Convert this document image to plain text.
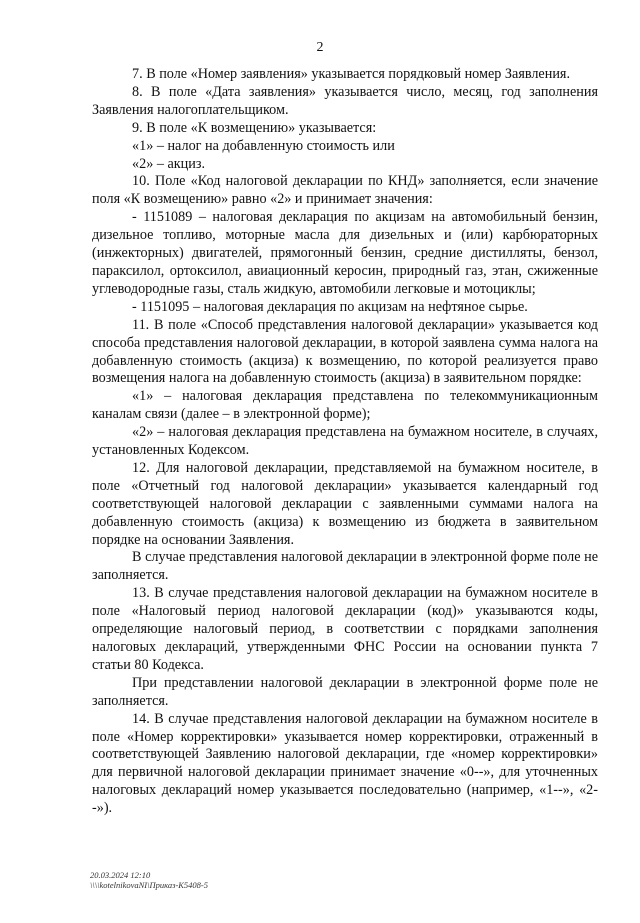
2

7. В поле «Номер заявления» указывается порядковый номер Заявления.

8. В поле «Дата заявления» указывается число, месяц, год заполнения Заявления налогоплательщиком.

9. В поле «К возмещению» указывается:

«1» – налог на добавленную стоимость или

«2» – акциз.

10. Поле «Код налоговой декларации по КНД» заполняется, если значение поля «К возмещению» равно «2» и принимает значения:

- 1151089 – налоговая декларация по акцизам на автомобильный бензин, дизельное топливо, моторные масла для дизельных и (или) карбюраторных (инжекторных) двигателей, прямогонный бензин, средние дистилляты, бензол, параксилол, ортоксилол, авиационный керосин, природный газ, этан, сжиженные углеводородные газы, сталь жидкую, автомобили легковые и мотоциклы;

- 1151095 – налоговая декларация по акцизам на нефтяное сырье.

11. В поле «Способ представления налоговой декларации» указывается код способа представления налоговой декларации, в которой заявлена сумма налога на добавленную стоимость (акциза) к возмещению, по которой реализуется право возмещения налога на добавленную стоимость (акциза) в заявительном порядке:

«1» – налоговая декларация представлена по телекоммуникационным каналам связи (далее – в электронной форме);

«2» – налоговая декларация представлена на бумажном носителе, в случаях, установленных Кодексом.

12. Для налоговой декларации, представляемой на бумажном носителе, в поле «Отчетный год налоговой декларации» указывается календарный год соответствующей налоговой декларации с заявленными суммами налога на добавленную стоимость (акциза) к возмещению из бюджета в заявительном порядке на основании Заявления.

В случае представления налоговой декларации в электронной форме поле не заполняется.

13. В случае представления налоговой декларации на бумажном носителе в поле «Налоговый период налоговой декларации (код)» указываются коды, определяющие налоговый период, в соответствии с порядками заполнения налоговых деклараций, утвержденными ФНС России на основании пункта 7 статьи 80 Кодекса.

При представлении налоговой декларации в электронной форме поле не заполняется.

14. В случае представления налоговой декларации на бумажном носителе в поле «Номер корректировки» указывается номер корректировки, отраженный в соответствующей Заявлению налоговой декларации, где «номер корректировки» для первичной налоговой декларации принимает значение «0--», для уточненных налоговых деклараций номер указывается последовательно (например, «1--», «2--»).

20.03.2024 12:10
\\\\kotelnikovaNI\Приказ-К5408-5
